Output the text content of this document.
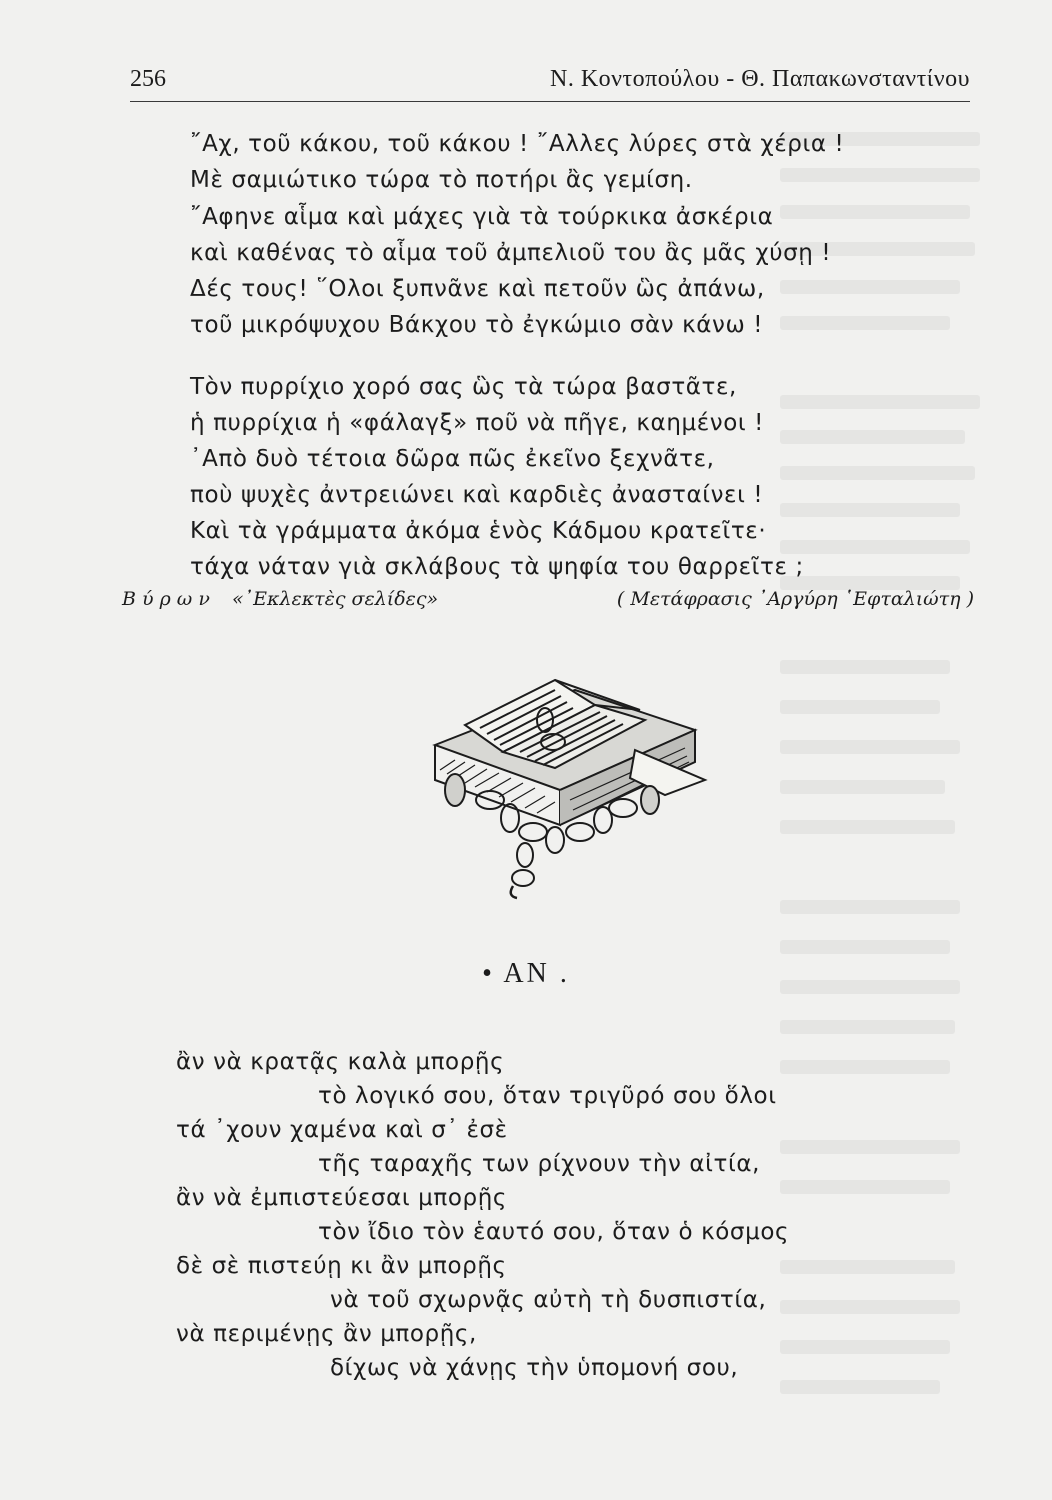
256	Ν. Κοντοπούλου - Θ. Παπακωνσταντίνου
῎Αχ, τοῦ κάκου, τοῦ κάκου ! ῎Αλλες λύρες στὰ χέρια !
Μὲ σαμιώτικο τώρα τὸ ποτήρι ἂς γεμίση.
῎Αφηνε αἷμα καὶ μάχες γιὰ τὰ τούρκικα ἀσκέρια
καὶ καθένας τὸ αἷμα τοῦ ἀμπελιοῦ του ἂς μᾶς χύσῃ !
Δές τους! ῞Ολοι ξυπνᾶνε καὶ πετοῦν ὣς ἀπάνω,
τοῦ μικρόψυχου Βάκχου τὸ ἐγκώμιο σὰν κάνω !
Τὸν πυρρίχιο χορό σας ὣς τὰ τώρα βαστᾶτε,
ἡ πυρρίχια ἡ «φάλαγξ» ποῦ νὰ πῆγε, καημένοι !
᾿Απὸ δυὸ τέτοια δῶρα πῶς ἐκεῖνο ξεχνᾶτε,
ποὺ ψυχὲς ἀντρειώνει καὶ καρδιὲς ἀνασταίνει !
Καὶ τὰ γράμματα ἀκόμα ἑνὸς Κάδμου κρατεῖτε·
τάχα νάταν γιὰ σκλάβους τὰ ψηφία του θαρρεῖτε ;
Β ύ ρ ω ν «᾿Εκλεκτὲς σελίδες»	( Μετάφρασις ᾿Αργύρη ῾Εφταλιώτη )
• ΑΝ .
ἂν νὰ κρατᾷς καλὰ μπορῇς
τὸ λογικό σου, ὅταν τριγῦρό σου ὅλοι
τά ᾿χουν χαμένα καὶ σ᾿ ἐσὲ
τῆς ταραχῆς των ρίχνουν τὴν αἰτία,
ἂν νὰ ἐμπιστεύεσαι μπορῇς
τὸν ἴδιο τὸν ἑαυτό σου, ὅταν ὁ κόσμος
δὲ σὲ πιστεύῃ κι ἂν μπορῇς
νὰ τοῦ σχωρνᾷς αὐτὴ τὴ δυσπιστία,
νὰ περιμένῃς ἂν μπορῇς,
δίχως νὰ χάνῃς τὴν ὑπομονή σου,
